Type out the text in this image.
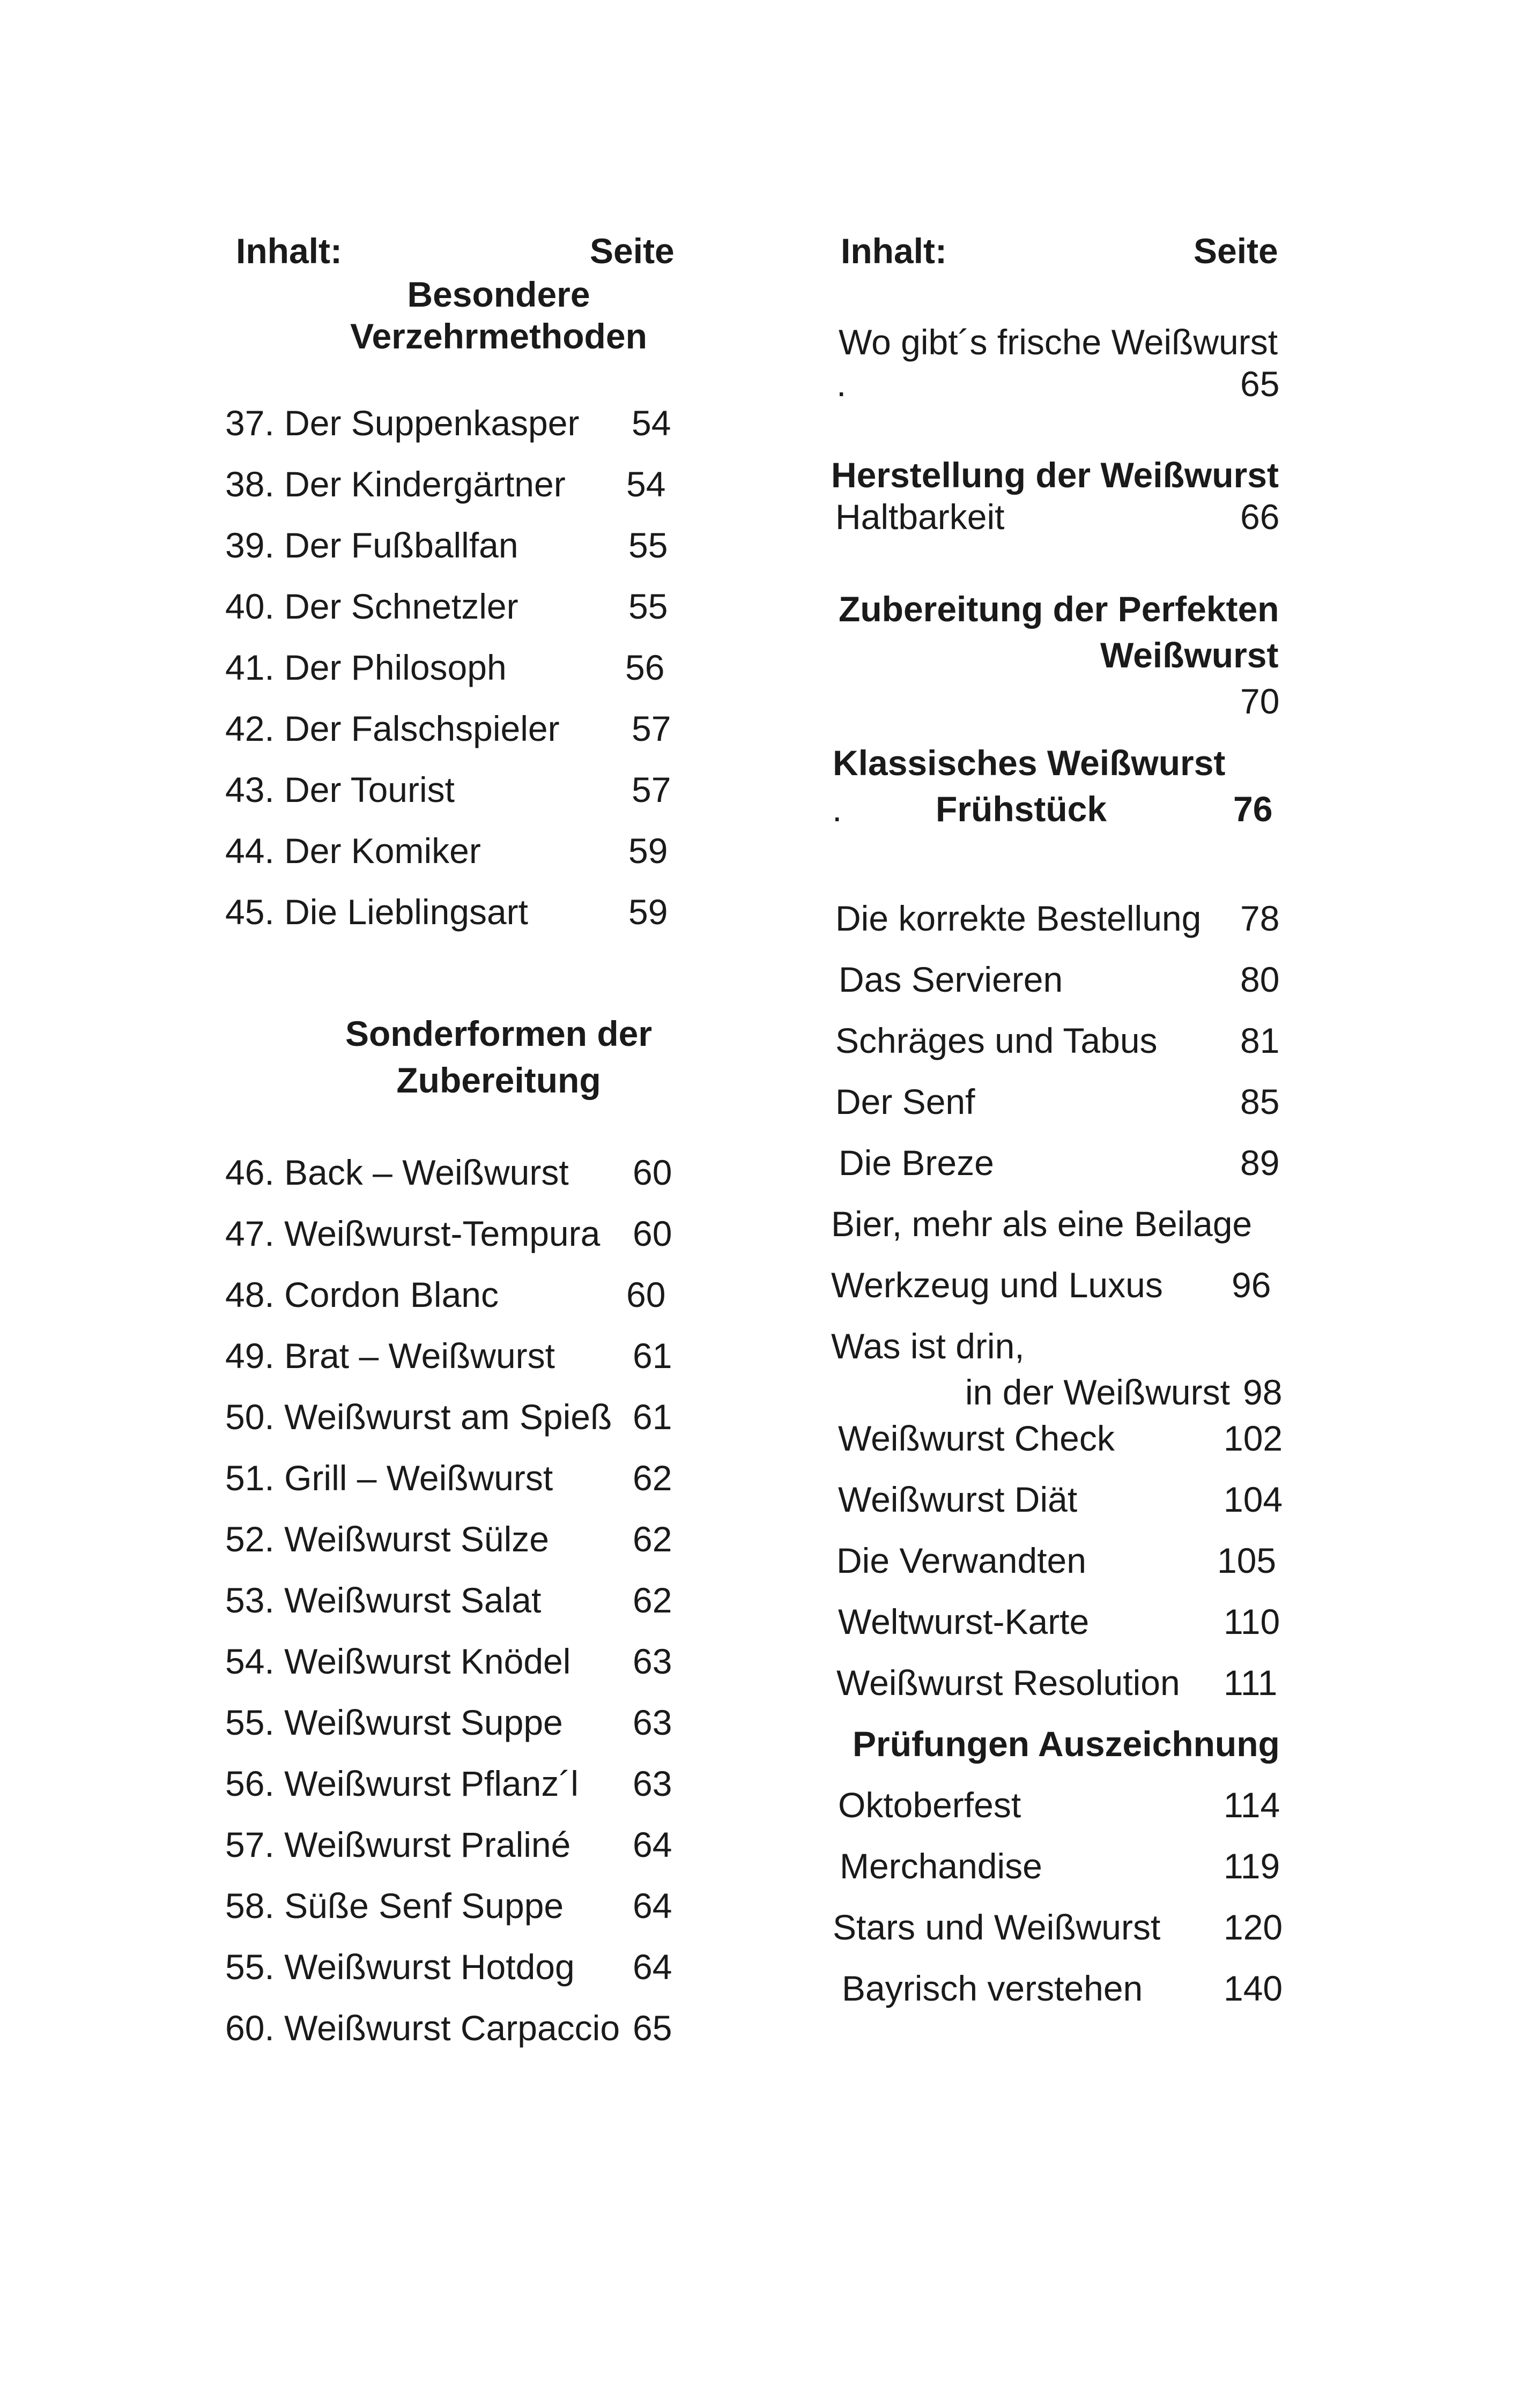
Inhalt:	Seite
Besondere
Verzehrmethoden
37. Der Suppenkasper 54
38. Der Kindergärtner 54
39. Der Fußballfan	55
40. Der Schnetzler	55
41. Der Philosoph	56
42. Der Falschspieler 57
43. Der Tourist	57
44. Der Komiker	59
45. Die Lieblingsart	59
Sonderformen der
Zubereitung
46. Back – Weißwurst 60
47. Weißwurst-Tempura 60
48. Cordon Blanc	60
49. Brat – Weißwurst 61
50. Weißwurst am Spieß 61
51. Grill – Weißwurst 62
52. Weißwurst Sülze 62
53. Weißwurst Salat	62
54. Weißwurst Knödel 63
55. Weißwurst Suppe 63
56. Weißwurst Pflanz´l 63
57. Weißwurst Praliné 64
58. Süße Senf Suppe 64
55. Weißwurst Hotdog 64
60. Weißwurst Carpaccio 65
Inhalt:	Seite
Wo gibt´s frische Weißwurst
.	65
Herstellung der Weißwurst
Haltbarkeit	66
Zubereitung der Perfekten
Weißwurst
70
Klassisches Weißwurst
.	Frühstück	76
Die korrekte Bestellung 78
Das Servieren	80
Schräges und Tabus 81
Der Senf	85
Die Breze	89
Bier, mehr als eine Beilage
Werkzeug und Luxus 96
Was ist drin,
in der Weißwurst 98
Weißwurst Check	102
Weißwurst Diät	104
Die Verwandten	105
Weltwurst-Karte	110
Weißwurst Resolution 111
Prüfungen Auszeichnung
Oktoberfest	114
Merchandise	119
Stars und Weißwurst 120
Bayrisch verstehen 140
